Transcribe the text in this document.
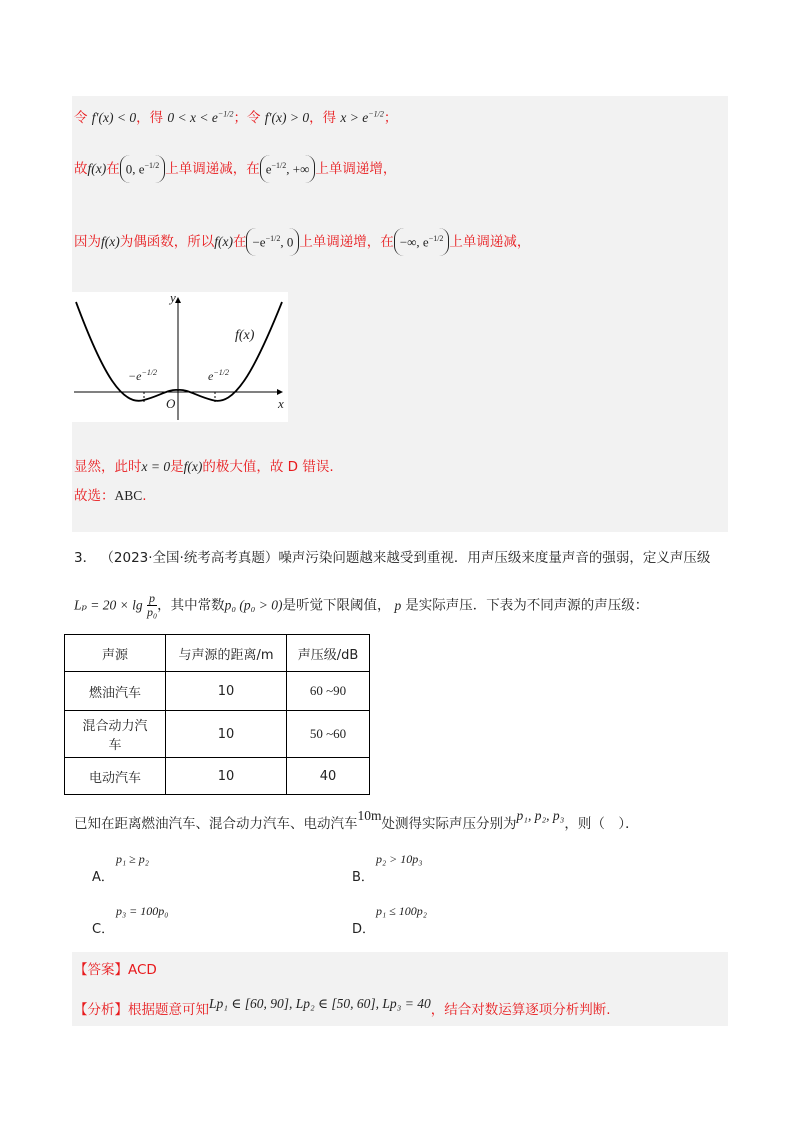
令 f′(x) < 0，得 $0 < x < e^{-1/2}$；令 f′(x) > 0，得 $x > e^{-1/2}$；
故f(x)在 0, $e^{-1/2}$ 上单调递减，在 $e^{-1/2}$, +∞ 上单调递增，
因为f(x)为偶函数，所以f(x)在 $-e^{-1/2}$, 0 上单调递增，在 −∞, $e^{-1/2}$ 上单调递减，
y
x
O
f(x)
$-e^{-1/2}$	$e^{-1/2}$
显然，此时x = 0是f(x)的极大值，故 D 错误.
故选：ABC.
3． （2023·全国·统考高考真题）噪声污染问题越来越受到重视．用声压级来度量声音的强弱，定义声压级
$L_p = 20 \times \lg \frac{p}{\text{p₀}}$ ，其中常数p₀ (p₀ > 0)是听觉下限阈值， p 是实际声压．下表为不同声源的声压级：
声源	与声源的距离/m	声压级/dB
燃油汽车	10	60 ~90
混合动力汽车	10	50 ~60
电动汽车	10	40
已知在距离燃油汽车、混合动力汽车、电动汽车10m处测得实际声压分别为p₁, p₂, p₃，则（　）．
A．
p₁ ≥ p₂
B．
p₂ > 10p₃
C．
p₃ = 100p₀
D．
p₁ ≤ 100p₂
【答案】ACD
【分析】根据题意可知Lp₁ ∈ [60, 90], Lp₂ ∈ [50, 60], Lp₃ = 40，结合对数运算逐项分析判断.
